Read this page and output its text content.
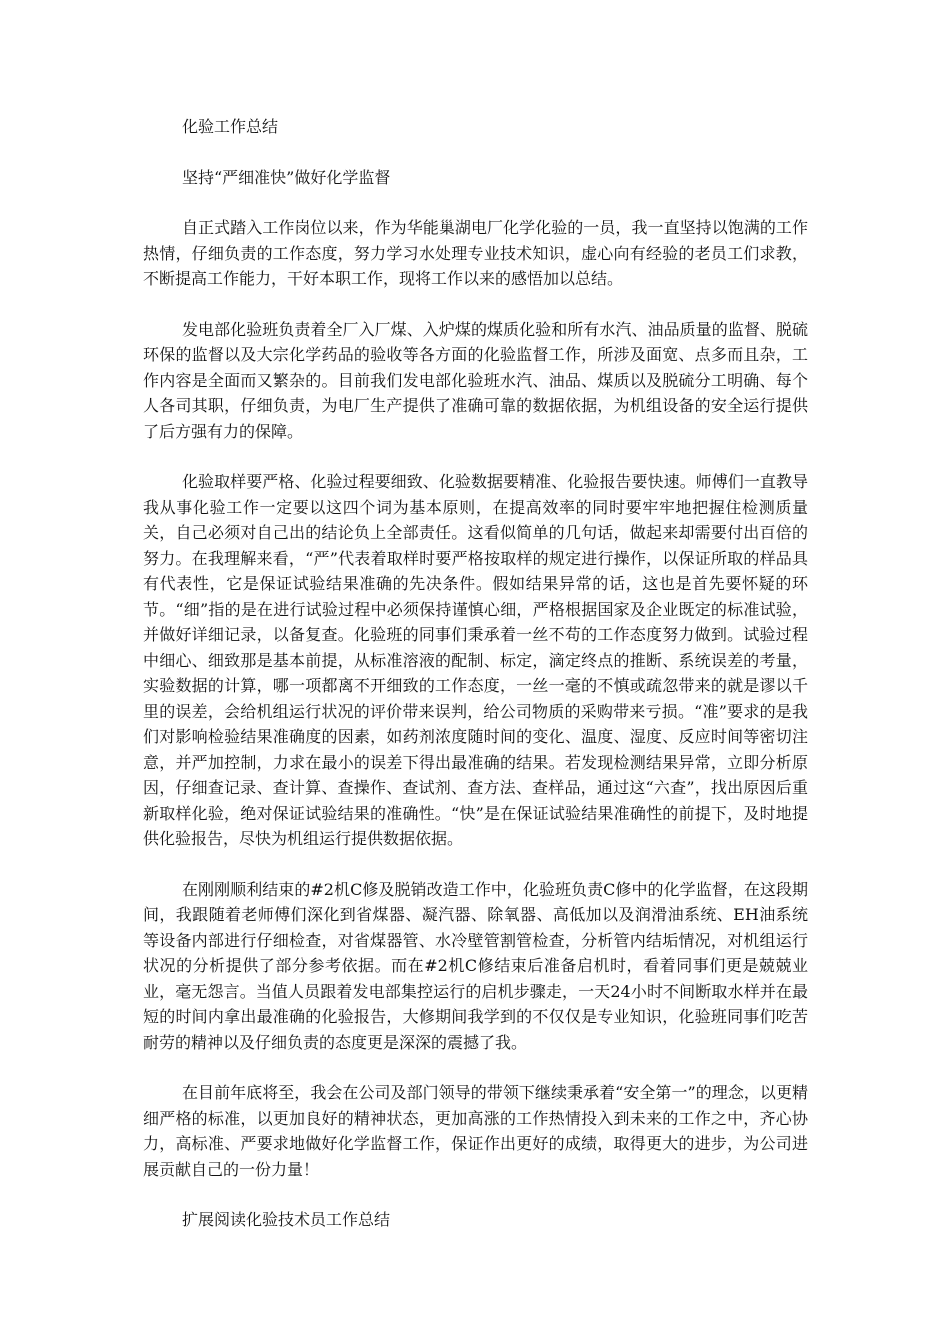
化验工作总结

坚持“严细准快”做好化学监督

自正式踏入工作岗位以来，作为华能巢湖电厂化学化验的一员，我一直坚持以饱满的工作热情，仔细负责的工作态度，努力学习水处理专业技术知识，虚心向有经验的老员工们求教，不断提高工作能力，干好本职工作，现将工作以来的感悟加以总结。

发电部化验班负责着全厂入厂煤、入炉煤的煤质化验和所有水汽、油品质量的监督、脱硫环保的监督以及大宗化学药品的验收等各方面的化验监督工作，所涉及面宽、点多而且杂，工作内容是全面而又繁杂的。目前我们发电部化验班水汽、油品、煤质以及脱硫分工明确、每个人各司其职，仔细负责，为电厂生产提供了准确可靠的数据依据，为机组设备的安全运行提供了后方强有力的保障。

化验取样要严格、化验过程要细致、化验数据要精准、化验报告要快速。师傅们一直教导我从事化验工作一定要以这四个词为基本原则，在提高效率的同时要牢牢地把握住检测质量关，自己必须对自己出的结论负上全部责任。这看似简单的几句话，做起来却需要付出百倍的努力。在我理解来看，“严”代表着取样时要严格按取样的规定进行操作，以保证所取的样品具有代表性，它是保证试验结果准确的先决条件。假如结果异常的话，这也是首先要怀疑的环节。“细”指的是在进行试验过程中必须保持谨慎心细，严格根据国家及企业既定的标准试验，并做好详细记录，以备复查。化验班的同事们秉承着一丝不苟的工作态度努力做到。试验过程中细心、细致那是基本前提，从标准溶液的配制、标定，滴定终点的推断、系统误差的考量，实验数据的计算，哪一项都离不开细致的工作态度，一丝一毫的不慎或疏忽带来的就是谬以千里的误差，会给机组运行状况的评价带来误判，给公司物质的采购带来亏损。“准”要求的是我们对影响检验结果准确度的因素，如药剂浓度随时间的变化、温度、湿度、反应时间等密切注意，并严加控制，力求在最小的误差下得出最准确的结果。若发现检测结果异常，立即分析原因，仔细查记录、查计算、查操作、查试剂、查方法、查样品，通过这“六查”，找出原因后重新取样化验，绝对保证试验结果的准确性。“快”是在保证试验结果准确性的前提下，及时地提供化验报告，尽快为机组运行提供数据依据。

在刚刚顺利结束的#2机C修及脱销改造工作中，化验班负责C修中的化学监督，在这段期间，我跟随着老师傅们深化到省煤器、凝汽器、除氧器、高低加以及润滑油系统、EH油系统等设备内部进行仔细检查，对省煤器管、水冷壁管割管检查，分析管内结垢情况，对机组运行状况的分析提供了部分参考依据。而在#2机C修结束后准备启机时，看着同事们更是兢兢业业，毫无怨言。当值人员跟着发电部集控运行的启机步骤走，一天24小时不间断取水样并在最短的时间内拿出最准确的化验报告，大修期间我学到的不仅仅是专业知识，化验班同事们吃苦耐劳的精神以及仔细负责的态度更是深深的震撼了我。

在目前年底将至，我会在公司及部门领导的带领下继续秉承着“安全第一”的理念，以更精细严格的标准，以更加良好的精神状态，更加高涨的工作热情投入到未来的工作之中，齐心协力，高标准、严要求地做好化学监督工作，保证作出更好的成绩，取得更大的进步，为公司进展贡献自己的一份力量！

扩展阅读化验技术员工作总结
